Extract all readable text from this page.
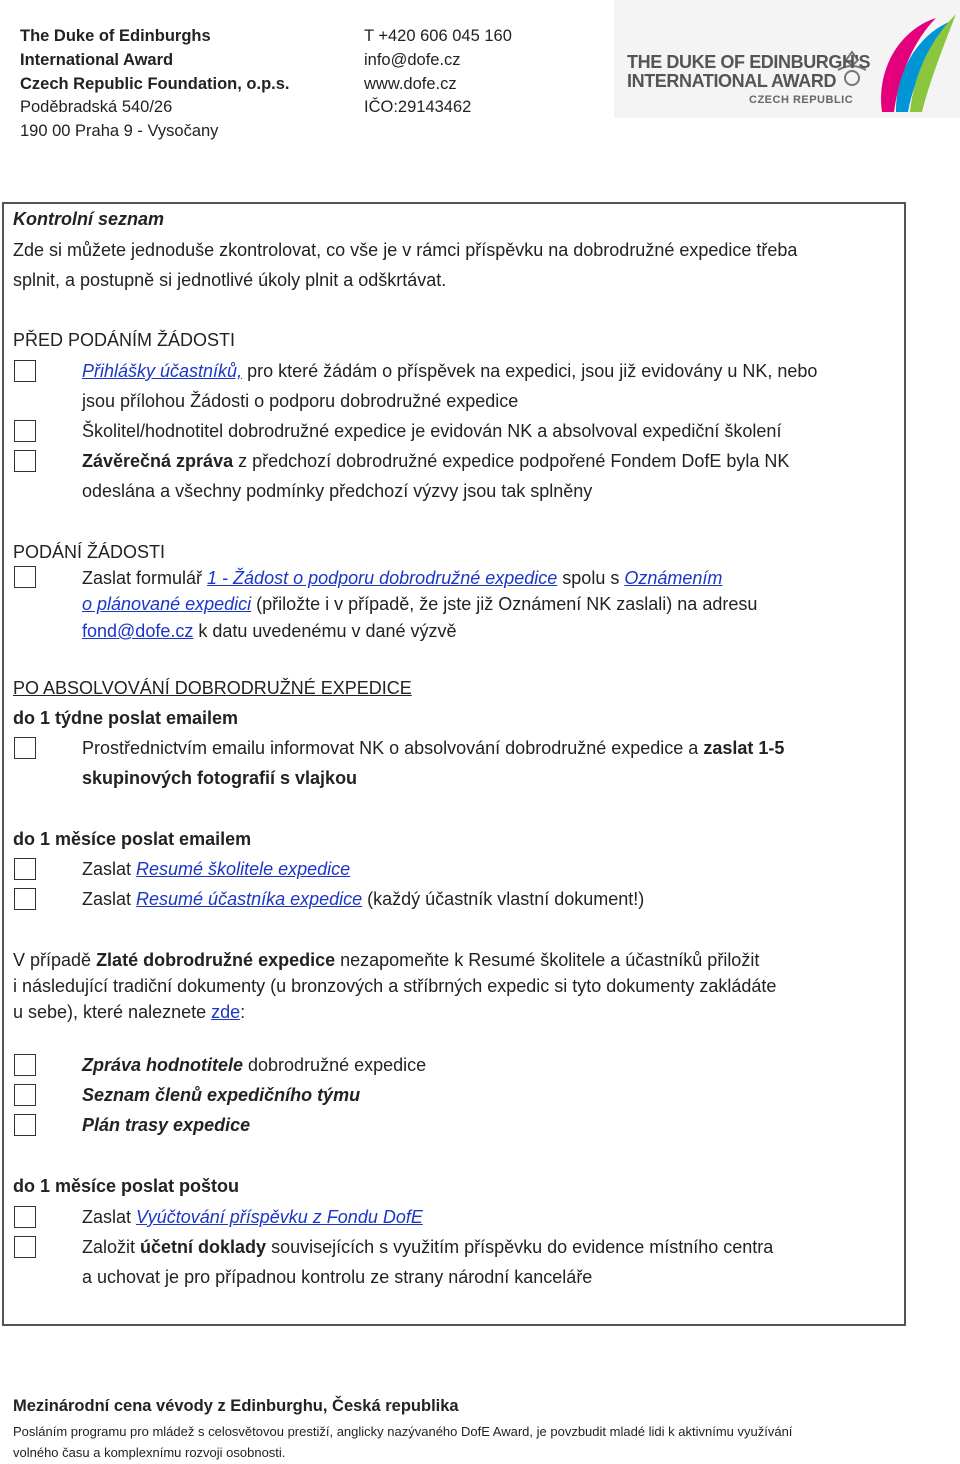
The Duke of Edinburghs
International Award
Czech Republic Foundation, o.p.s.
Poděbradská 540/26
190 00 Praha 9 - Vysočany
T +420 606 045 160
info@dofe.cz
www.dofe.cz
IČO:29143462
THE DUKE OF EDINBURGH'S
INTERNATIONAL AWARD
CZECH REPUBLIC
Kontrolní seznam
Zde si můžete jednoduše zkontrolovat, co vše je v rámci příspěvku na dobrodružné expedice třeba
splnit, a postupně si jednotlivé úkoly plnit a odškrtávat.
PŘED PODÁNÍM ŽÁDOSTI
Přihlášky účastníků, pro které žádám o příspěvek na expedici, jsou již evidovány u NK, nebo
jsou přílohou Žádosti o podporu dobrodružné expedice
Školitel/hodnotitel dobrodružné expedice je evidován NK a absolvoval expediční školení
Závěrečná zpráva z předchozí dobrodružné expedice podpořené Fondem DofE byla NK
odeslána a všechny podmínky předchozí výzvy jsou tak splněny
PODÁNÍ ŽÁDOSTI
Zaslat formulář 1 - Žádost o podporu dobrodružné expedice spolu s Oznámením
o plánované expedici (přiložte i v případě, že jste již Oznámení NK zaslali) na adresu
fond@dofe.cz k datu uvedenému v dané výzvě
PO ABSOLVOVÁNÍ DOBRODRUŽNÉ EXPEDICE
do 1 týdne poslat emailem
Prostřednictvím emailu informovat NK o absolvování dobrodružné expedice a zaslat 1-5
skupinových fotografií s vlajkou
do 1 měsíce poslat emailem
Zaslat Resumé školitele expedice
Zaslat Resumé účastníka expedice (každý účastník vlastní dokument!)
V případě Zlaté dobrodružné expedice nezapomeňte k Resumé školitele a účastníků přiložit
i následující tradiční dokumenty (u bronzových a stříbrných expedic si tyto dokumenty zakládáte
u sebe), které naleznete zde:
Zpráva hodnotitele dobrodružné expedice
Seznam členů expedičního týmu
Plán trasy expedice
do 1 měsíce poslat poštou
Zaslat Vyúčtování příspěvku z Fondu DofE
Založit účetní doklady souvisejících s využitím příspěvku do evidence místního centra
a uchovat je pro případnou kontrolu ze strany národní kanceláře
Mezinárodní cena vévody z Edinburghu, Česká republika
Posláním programu pro mládež s celosvětovou prestiží, anglicky nazývaného DofE Award, je povzbudit mladé lidi k aktivnímu využívání
volného času a komplexnímu rozvoji osobnosti.
